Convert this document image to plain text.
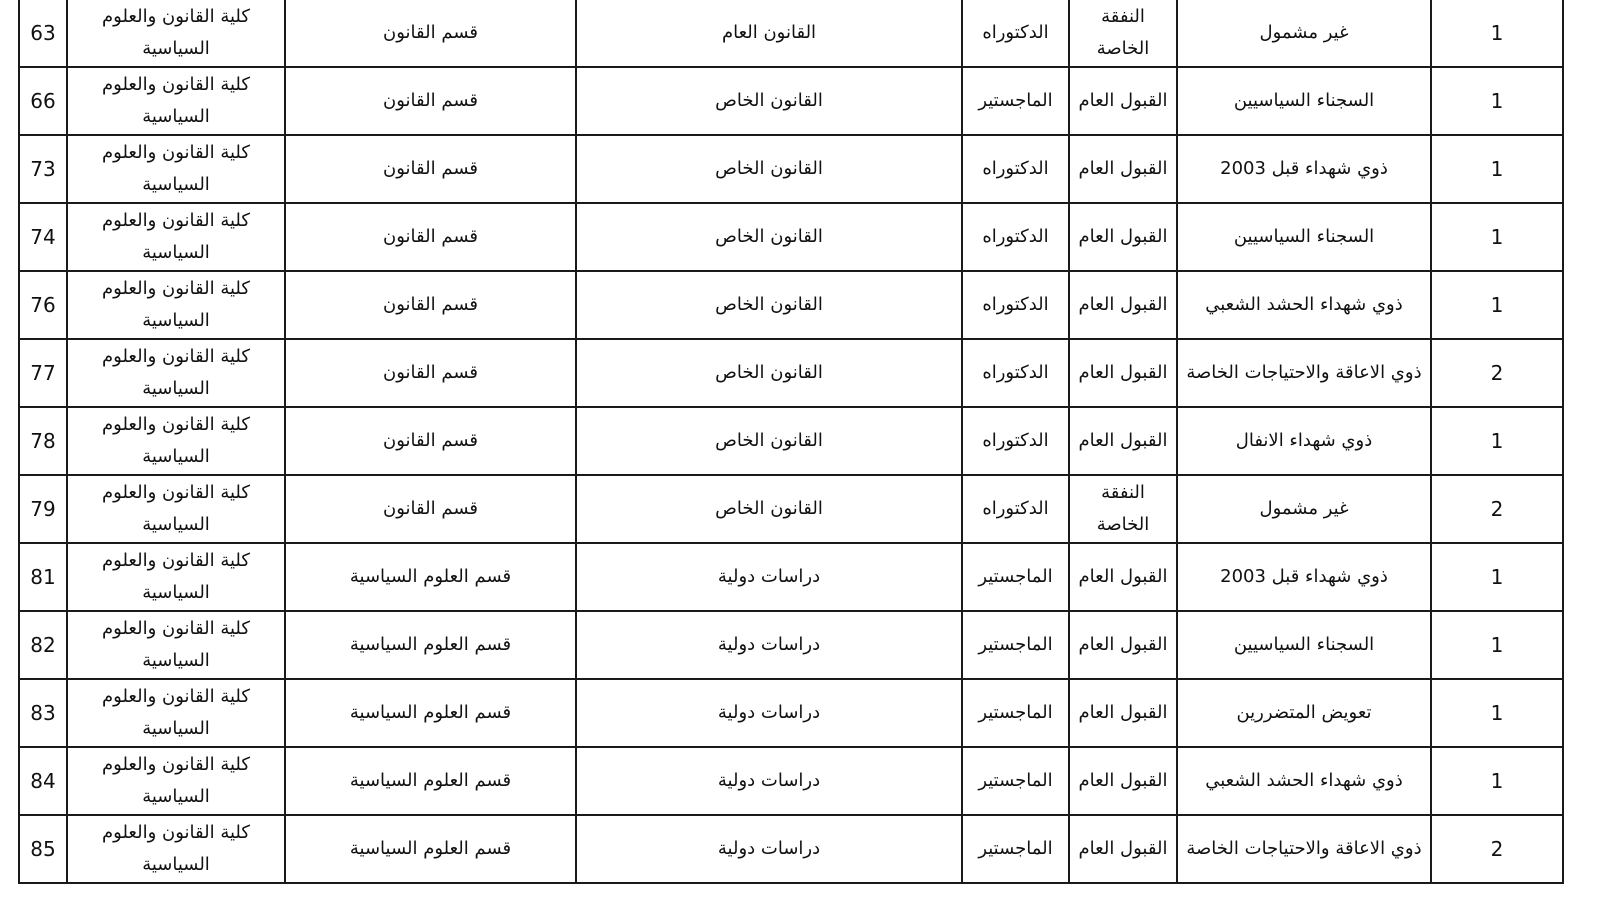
63	كلية القانون والعلوم السياسية	قسم القانون	القانون العام	الدكتوراه	النفقة الخاصة	غير مشمول	1
66	كلية القانون والعلوم السياسية	قسم القانون	القانون الخاص	الماجستير	القبول العام	السجناء السياسيين	1
73	كلية القانون والعلوم السياسية	قسم القانون	القانون الخاص	الدكتوراه	القبول العام	ذوي شهداء قبل 2003	1
74	كلية القانون والعلوم السياسية	قسم القانون	القانون الخاص	الدكتوراه	القبول العام	السجناء السياسيين	1
76	كلية القانون والعلوم السياسية	قسم القانون	القانون الخاص	الدكتوراه	القبول العام	ذوي شهداء الحشد الشعبي	1
77	كلية القانون والعلوم السياسية	قسم القانون	القانون الخاص	الدكتوراه	القبول العام	ذوي الاعاقة والاحتياجات الخاصة	2
78	كلية القانون والعلوم السياسية	قسم القانون	القانون الخاص	الدكتوراه	القبول العام	ذوي شهداء الانفال	1
79	كلية القانون والعلوم السياسية	قسم القانون	القانون الخاص	الدكتوراه	النفقة الخاصة	غير مشمول	2
81	كلية القانون والعلوم السياسية	قسم العلوم السياسية	دراسات دولية	الماجستير	القبول العام	ذوي شهداء قبل 2003	1
82	كلية القانون والعلوم السياسية	قسم العلوم السياسية	دراسات دولية	الماجستير	القبول العام	السجناء السياسيين	1
83	كلية القانون والعلوم السياسية	قسم العلوم السياسية	دراسات دولية	الماجستير	القبول العام	تعويض المتضررين	1
84	كلية القانون والعلوم السياسية	قسم العلوم السياسية	دراسات دولية	الماجستير	القبول العام	ذوي شهداء الحشد الشعبي	1
85	كلية القانون والعلوم السياسية	قسم العلوم السياسية	دراسات دولية	الماجستير	القبول العام	ذوي الاعاقة والاحتياجات الخاصة	2
